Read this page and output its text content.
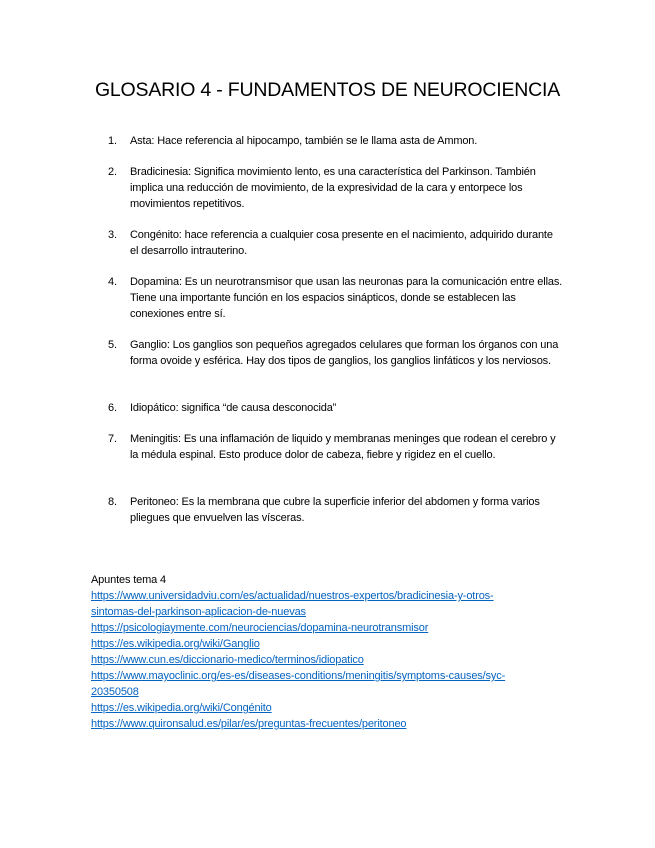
GLOSARIO 4 - FUNDAMENTOS DE NEUROCIENCIA
1.	Asta: Hace referencia al hipocampo, también se le llama asta de Ammon.
2.	Bradicinesia: Significa movimiento lento, es una característica del Parkinson. También implica una reducción de movimiento, de la expresividad de la cara y entorpece los movimientos repetitivos.
3.	Congénito: hace referencia a cualquier cosa presente en el nacimiento, adquirido durante el desarrollo intrauterino.
4.	Dopamina: Es un neurotransmisor que usan las neuronas para la comunicación entre ellas. Tiene una importante función en los espacios sinápticos, donde se establecen las conexiones entre sí.
5.	Ganglio: Los ganglios son pequeños agregados celulares que forman los órganos con una forma ovoide y esférica. Hay dos tipos de ganglios, los ganglios linfáticos y los nerviosos.
6.	Idiopático: significa “de causa desconocida”
7.	Meningitis: Es una inflamación de liquido y membranas meninges que rodean el cerebro y la médula espinal. Esto produce dolor de cabeza, fiebre y rigidez en el cuello.
8.	Peritoneo: Es la membrana que cubre la superficie inferior del abdomen y forma varios pliegues que envuelven las vísceras.
Apuntes tema 4
https://www.universidadviu.com/es/actualidad/nuestros-expertos/bradicinesia-y-otros-
sintomas-del-parkinson-aplicacion-de-nuevas
https://psicologiaymente.com/neurociencias/dopamina-neurotransmisor
https://es.wikipedia.org/wiki/Ganglio
https://www.cun.es/diccionario-medico/terminos/idiopatico
https://www.mayoclinic.org/es-es/diseases-conditions/meningitis/symptoms-causes/syc-
20350508
https://es.wikipedia.org/wiki/Congénito
https://www.quironsalud.es/pilar/es/preguntas-frecuentes/peritoneo
